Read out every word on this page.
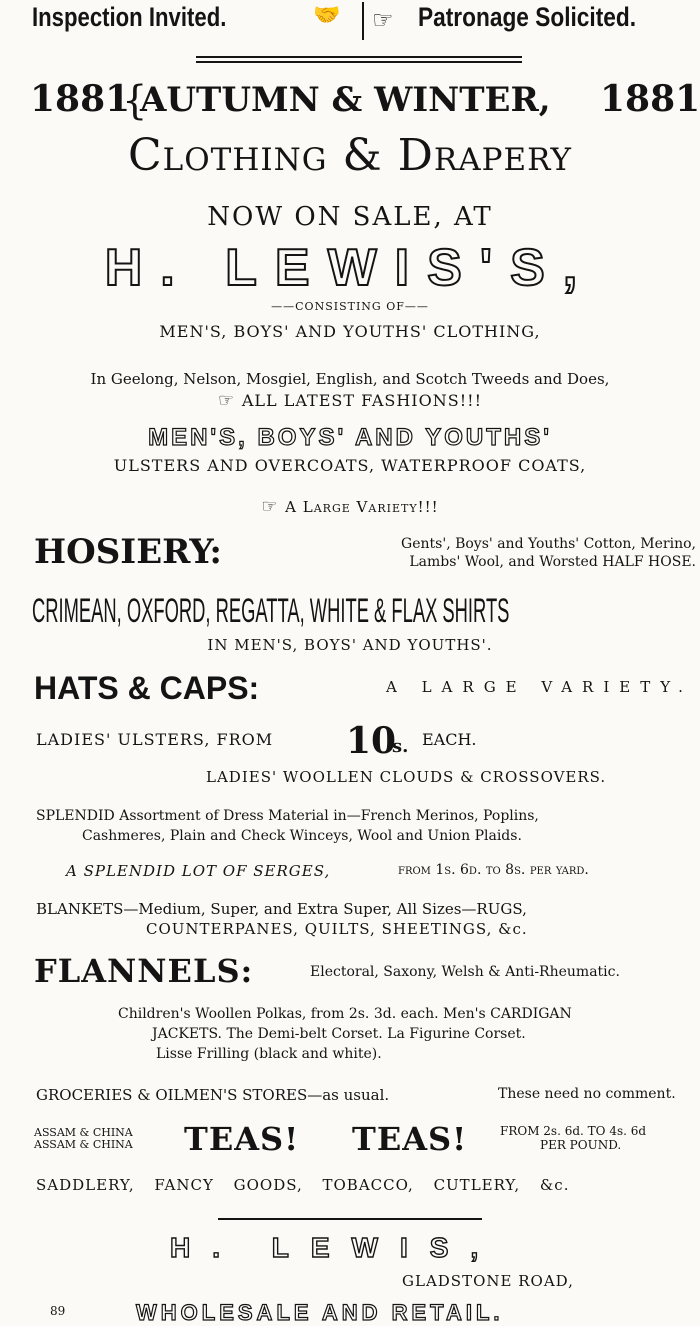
Inspection Invited.	🤝 ☞ Patronage Solicited.
1881
{
AUTUMN & WINTER, 1881
Clothing & Drapery
NOW ON SALE, AT
H. LEWIS'S,
——CONSISTING OF——
MEN'S, BOYS' AND YOUTHS' CLOTHING,
In Geelong, Nelson, Mosgiel, English, and Scotch Tweeds and Does,
☞ ALL LATEST FASHIONS!!!
MEN'S, BOYS' AND YOUTHS'
ULSTERS AND OVERCOATS, WATERPROOF COATS,
☞ A Large Variety!!!
HOSIERY:	Gents', Boys' and Youths' Cotton, Merino,
Lambs' Wool, and Worsted HALF HOSE.
CRIMEAN, OXFORD, REGATTA, WHITE & FLAX SHIRTS
IN MEN'S, BOYS' AND YOUTHS'.
HATS & CAPS:	A LARGE VARIETY.
LADIES' ULSTERS, FROM 10
s. EACH.
LADIES' WOOLLEN CLOUDS & CROSSOVERS.
SPLENDID Assortment of Dress Material in—French Merinos, Poplins,
Cashmeres, Plain and Check Winceys, Wool and Union Plaids.
A SPLENDID LOT OF SERGES,	from 1s. 6d. to 8s. per yard.
BLANKETS—Medium, Super, and Extra Super, All Sizes—RUGS,
COUNTERPANES, QUILTS, SHEETINGS, &c.
FLANNELS:	Electoral, Saxony, Welsh & Anti-Rheumatic.
Children's Woollen Polkas, from 2s. 3d. each. Men's CARDIGAN
JACKETS. The Demi-belt Corset. La Figurine Corset.
Lisse Frilling (black and white).
GROCERIES & OILMEN'S STORES—as usual.	These need no comment.
ASSAM & CHINA
ASSAM & CHINA TEAS! TEAS!	FROM 2s. 6d. TO 4s. 6d
PER POUND.
SADDLERY, FANCY GOODS, TOBACCO, CUTLERY, &c.
H. LEWIS,
GLADSTONE ROAD,
89	WHOLESALE AND RETAIL.
